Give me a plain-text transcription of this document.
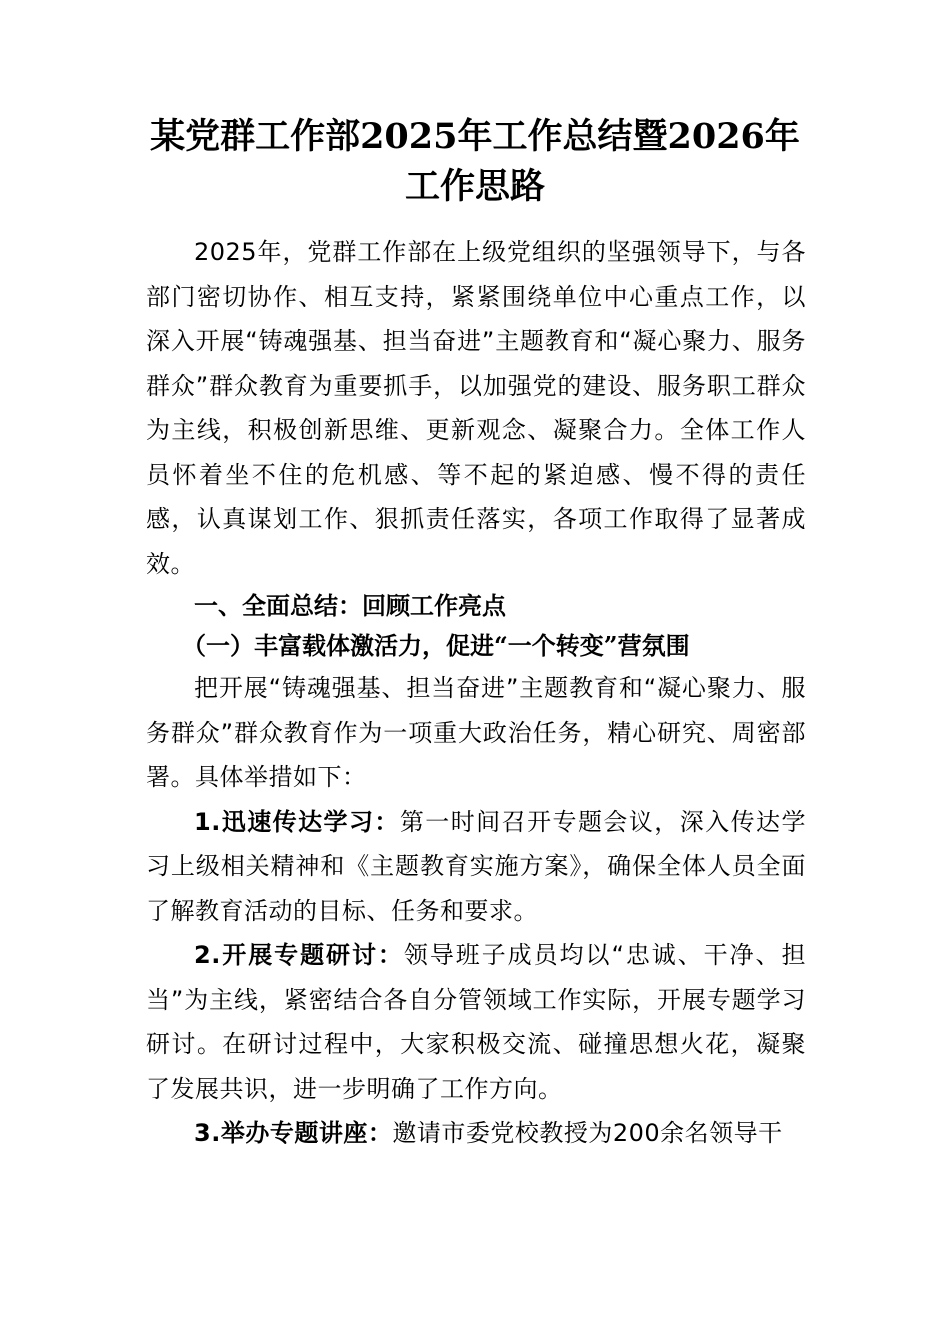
某党群工作部2025年工作总结暨2026年工作思路

2025年，党群工作部在上级党组织的坚强领导下，与各部门密切协作、相互支持，紧紧围绕单位中心重点工作，以深入开展“铸魂强基、担当奋进”主题教育和“凝心聚力、服务群众”群众教育为重要抓手，以加强党的建设、服务职工群众为主线，积极创新思维、更新观念、凝聚合力。全体工作人员怀着坐不住的危机感、等不起的紧迫感、慢不得的责任感，认真谋划工作、狠抓责任落实，各项工作取得了显著成效。

一、全面总结：回顾工作亮点

（一）丰富载体激活力，促进“一个转变”营氛围

把开展“铸魂强基、担当奋进”主题教育和“凝心聚力、服务群众”群众教育作为一项重大政治任务，精心研究、周密部署。具体举措如下：

1.迅速传达学习：第一时间召开专题会议，深入传达学习上级相关精神和《主题教育实施方案》，确保全体人员全面了解教育活动的目标、任务和要求。

2.开展专题研讨：领导班子成员均以“忠诚、干净、担当”为主线，紧密结合各自分管领域工作实际，开展专题学习研讨。在研讨过程中，大家积极交流、碰撞思想火花，凝聚了发展共识，进一步明确了工作方向。

3.举办专题讲座：邀请市委党校教授为200余名领导干
